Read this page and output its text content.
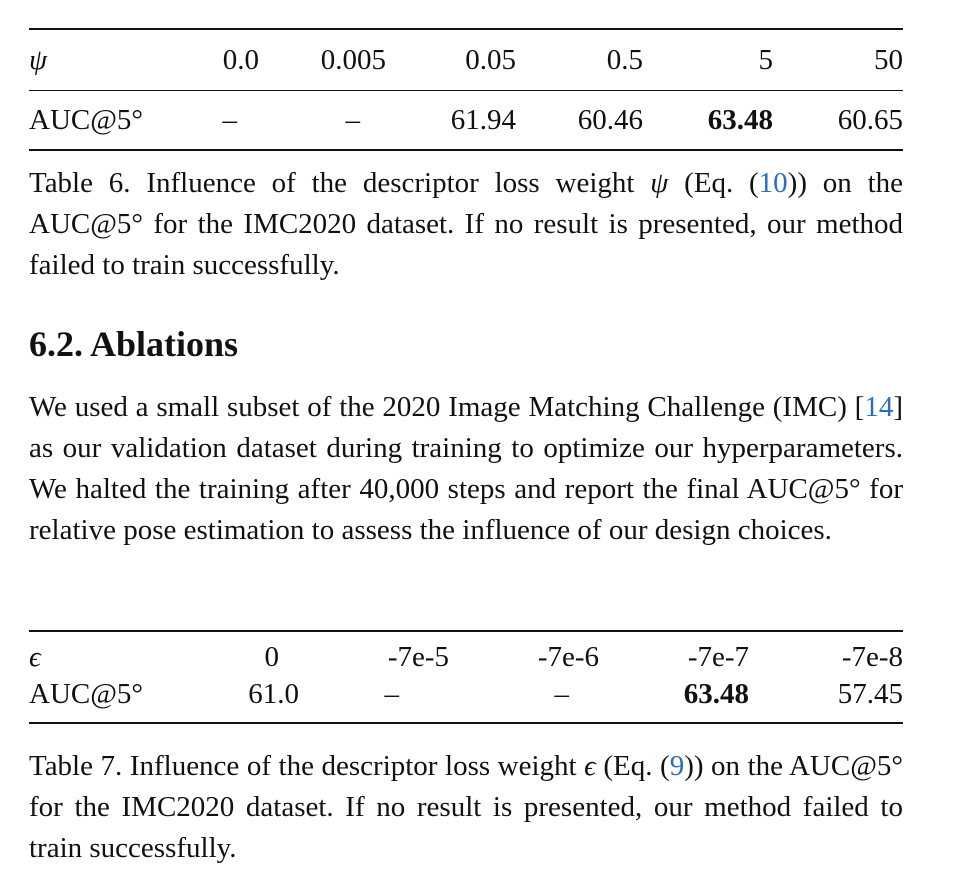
ψ	0.0	0.005	0.05	0.5	5	50
AUC@5°	–	–	61.94	60.46	63.48	60.65
Table 6. Influence of the descriptor loss weight ψ (Eq. (10)) on the AUC@5° for the IMC2020 dataset. If no result is presented, our method failed to train successfully.
6.2. Ablations

We used a small subset of the 2020 Image Matching Challenge (IMC) [14] as our validation dataset during training to optimize our hyperparameters. We halted the training after 40,000 steps and report the final AUC@5° for relative pose estimation to assess the influence of our design choices.

ϵ	0	-7e-5	-7e-6	-7e-7	-7e-8
AUC@5°	61.0	–	–	63.48	57.45
Table 7. Influence of the descriptor loss weight ϵ (Eq. (9)) on the AUC@5° for the IMC2020 dataset. If no result is presented, our method failed to train successfully.
